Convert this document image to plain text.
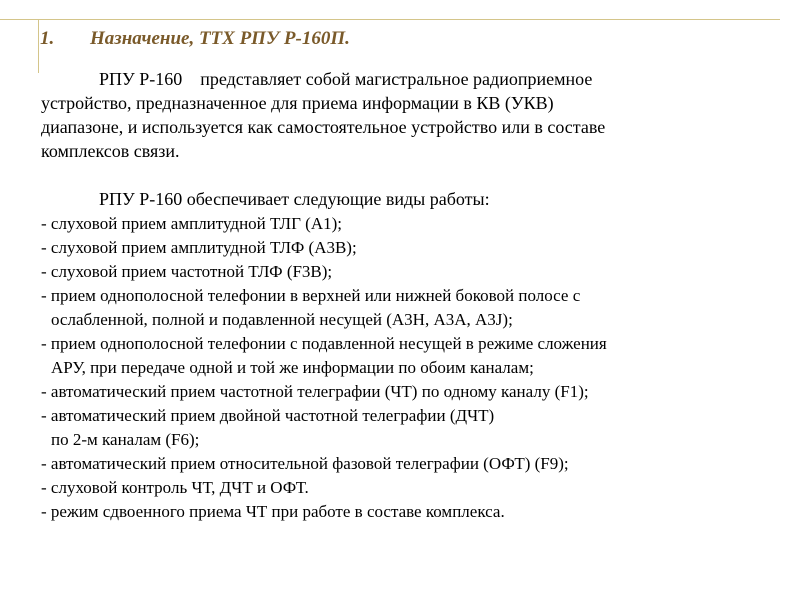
1. Назначение, ТТХ РПУ Р-160П.

РПУ Р-160    представляет собой магистральное радиоприемное
устройство, предназначенное для приема информации в КВ (УКВ)
диапазоне, и используется как самостоятельное устройство или в составе
комплексов связи.

РПУ Р-160 обеспечивает следующие виды работы:

- слуховой прием амплитудной ТЛГ (А1);
- слуховой прием амплитудной ТЛФ (А3В);
- слуховой прием частотной ТЛФ (F3В);
- прием однополосной телефонии в верхней или нижней боковой полосе с
ослабленной, полной и подавленной несущей (А3Н, А3А, А3J);
- прием однополосной телефонии с подавленной несущей в режиме сложения
АРУ, при передаче одной и той же информации по обоим каналам;
- автоматический прием частотной телеграфии (ЧТ) по одному каналу (F1);
- автоматический прием двойной частотной телеграфии (ДЧТ)
по 2-м каналам (F6);
- автоматический прием относительной фазовой телеграфии (ОФТ) (F9);
- слуховой контроль ЧТ, ДЧТ и ОФТ.
- режим сдвоенного приема ЧТ при работе в составе комплекса.
